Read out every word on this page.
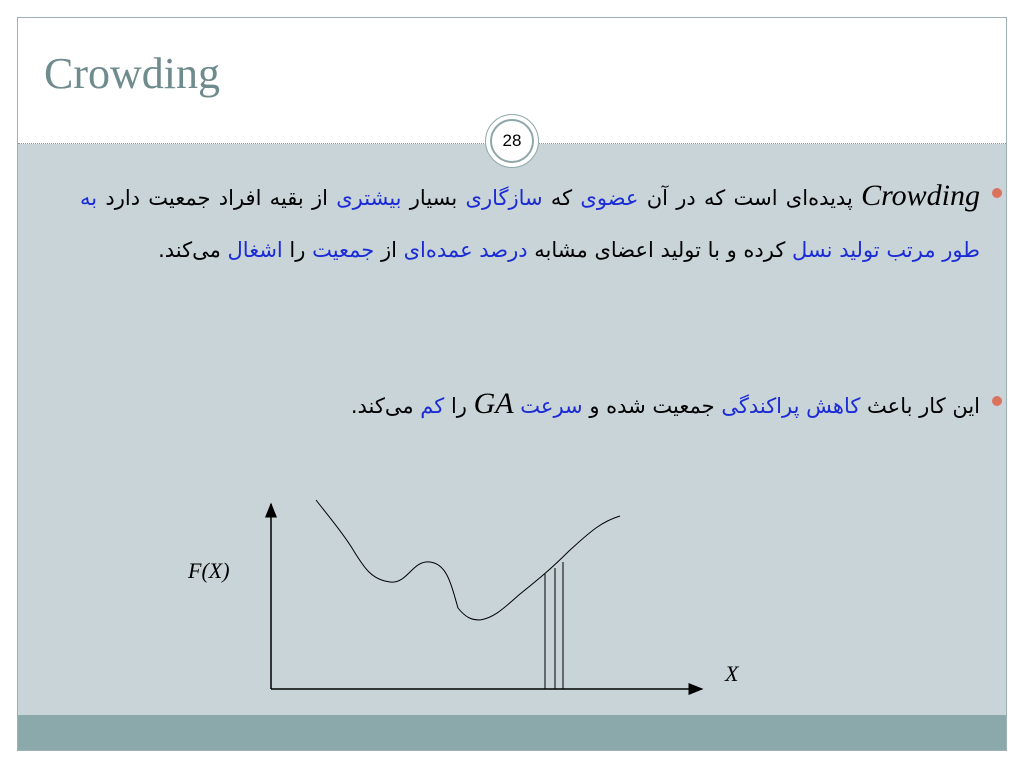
Crowding
28
Crowding پدیده‌ای است که در آن عضوی که سازگاری بسیار بیشتری از بقیه افراد جمعیت دارد به طور مرتب تولید نسل کرده و با تولید اعضای مشابه درصد عمده‌ای از جمعیت را اشغال می‌کند.
این کار باعث کاهش پراکندگی جمعیت شده و سرعت GA را کم می‌کند.
F(X)
X
